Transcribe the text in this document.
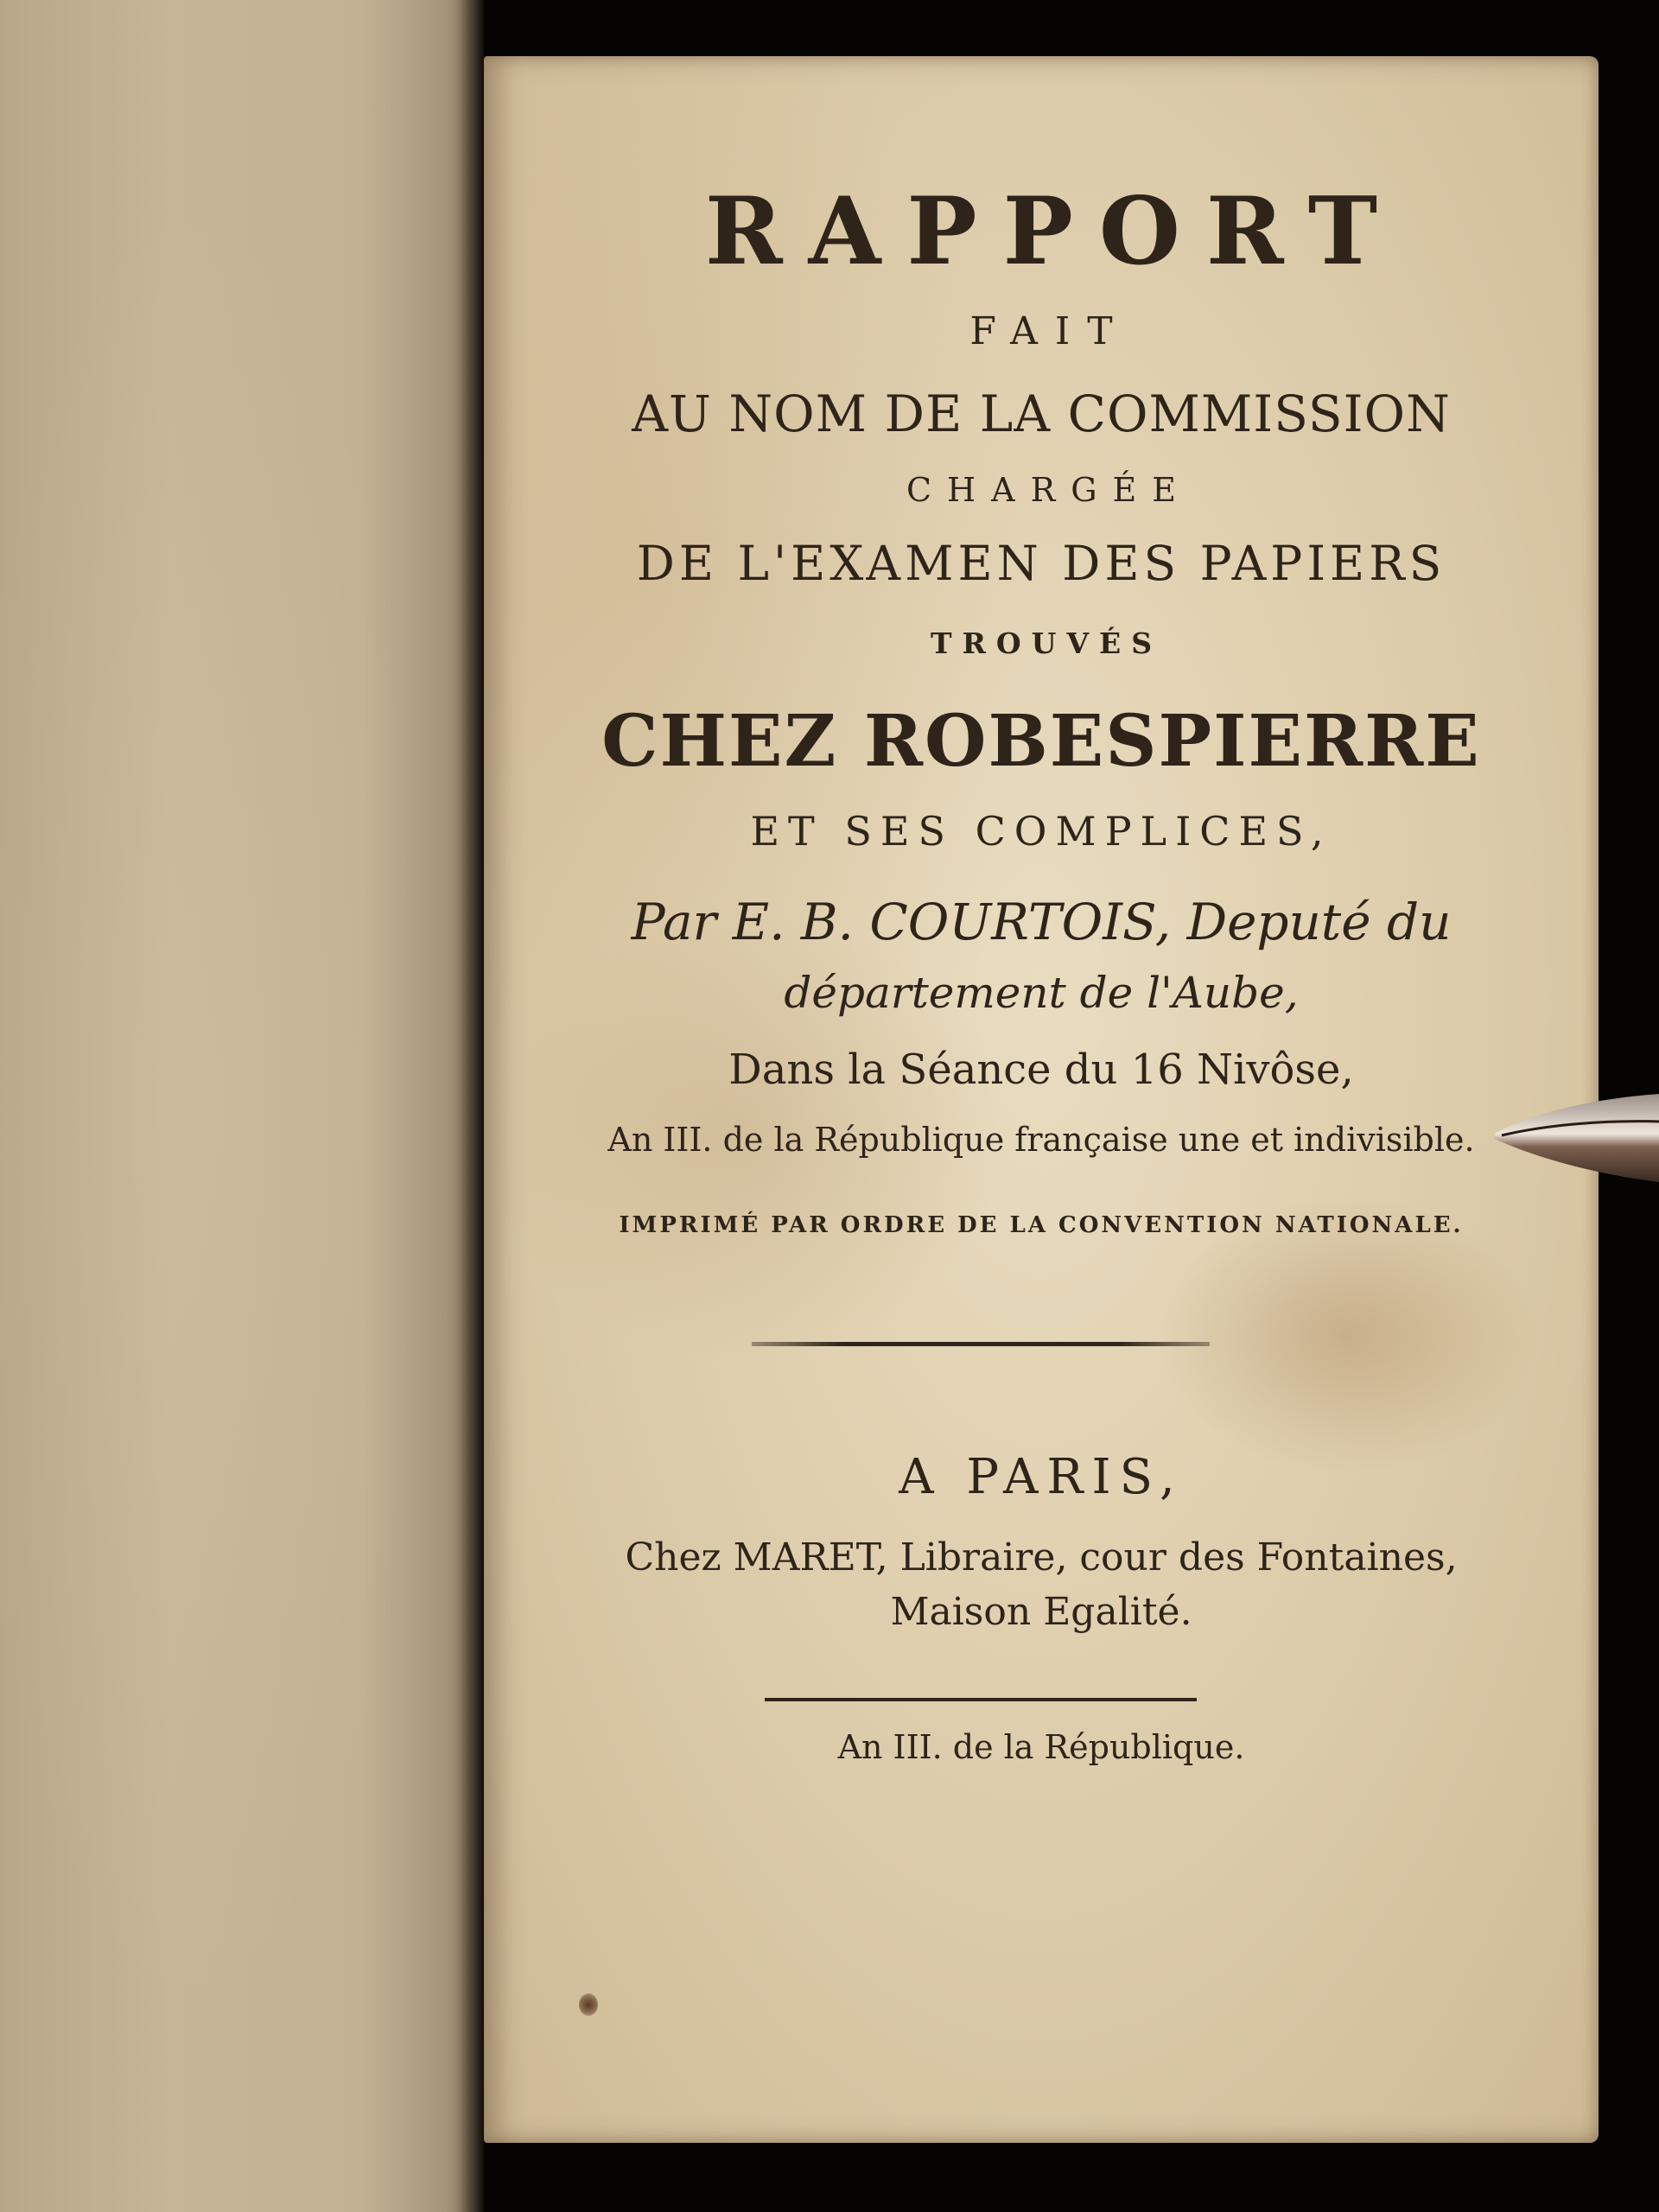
RAPPORT

FAIT

AU NOM DE LA COMMISSION

CHARGÉE

DE L'EXAMEN DES PAPIERS

TROUVÉS

CHEZ ROBESPIERRE

ET SES COMPLICES,

Par E. B. COURTOIS, Deputé du

département de l'Aube,

Dans la Séance du 16 Nivôse,

An III. de la République française une et indivisible.

IMPRIMÉ PAR ORDRE DE LA CONVENTION NATIONALE.

A PARIS,

Chez MARET, Libraire, cour des Fontaines,

Maison Egalité.

An III. de la République.
